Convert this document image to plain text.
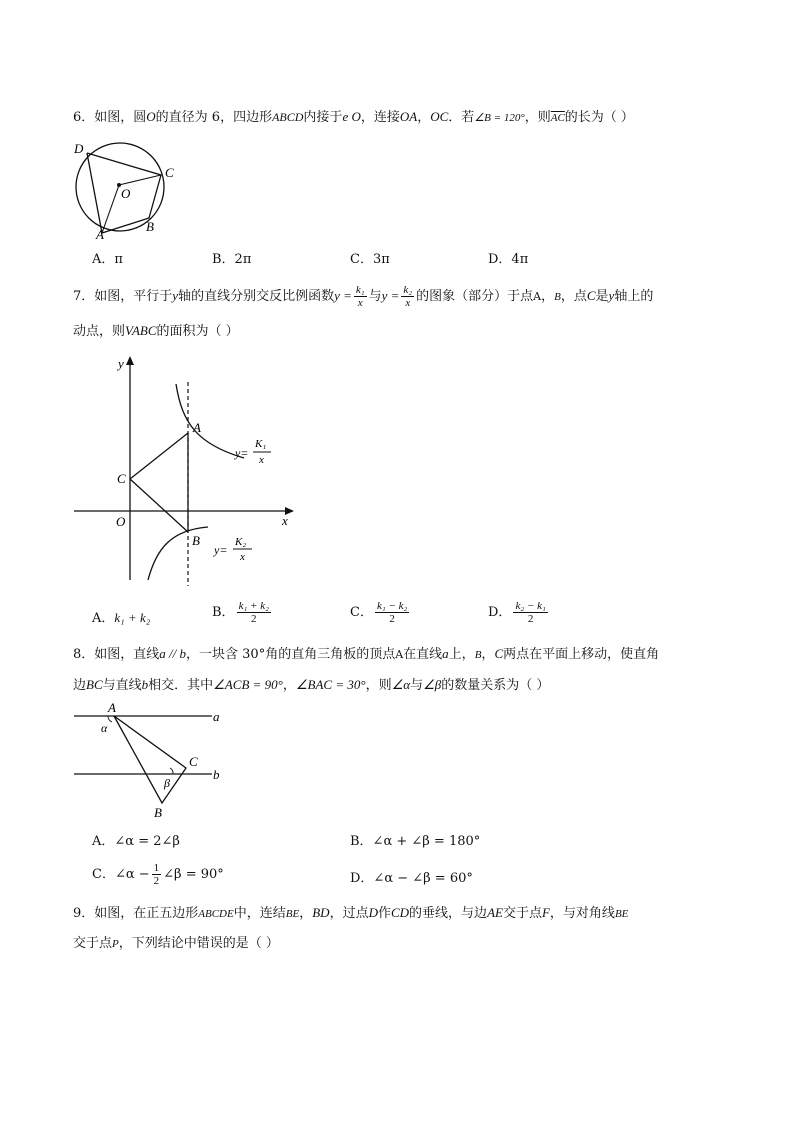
6．如图，圆O的直径为 6，四边形ABCD内接于e O，连接OA，OC．若∠B = 120°，则$\overline{AC}$的长为（ ）
D
C
O
A
B
A．π	B．2π	C．3π	D．4π
7．如图，平行于y轴的直线分别交反比例函数$y = \frac{\text{k₁}}{x}$ 与$y = \frac{\text{k₂}}{x}$ 的图象（部分）于点A，B，点C是y轴上的
动点，则VABC的面积为（ ）
y
x
O
C
A
B
y=
K₁
x
y=
K₂
x
A．k₁ + k₂	B． $\frac{\text{k₁ + k₂}}{2}$	C． $\frac{\text{k₁ − k₂}}{2}$	D． $\frac{\text{k₂ − k₁}}{2}$
8．如图，直线a // b，一块含 30°角的直角三角板的顶点A在直线a上，B，C两点在平面上移动，使直角
边BC与直线b相交．其中∠ACB = 90°，∠BAC = 30°，则∠α与∠β的数量关系为（ ）
A
a
α
C
b
β
B
A．∠α = 2∠β	B．∠α + ∠β = 180°
C．∠α − $\frac{1}{2}$ ∠β = 90°	D．∠α − ∠β = 60°
9．如图，在正五边形ABCDE中，连结BE，BD，过点D作CD的垂线，与边AE交于点F，与对角线BE
交于点P，下列结论中错误的是（ ）
